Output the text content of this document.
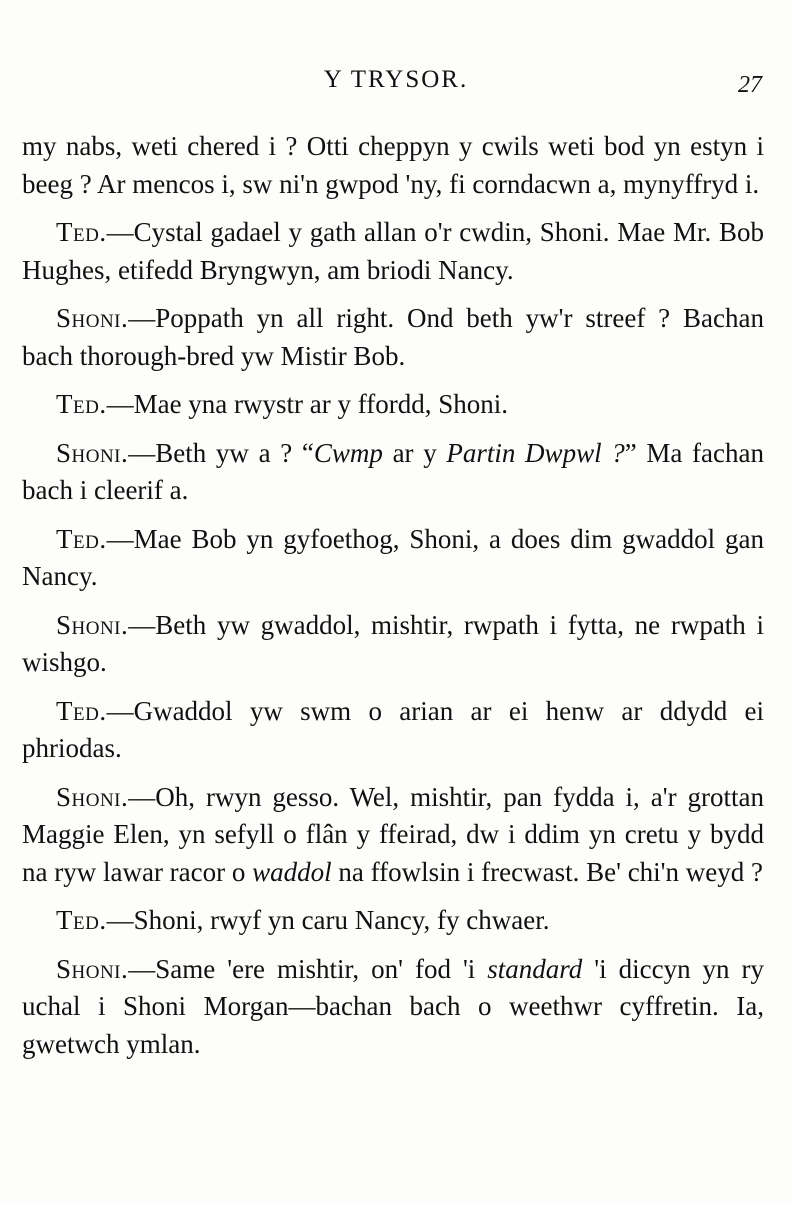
Y TRYSOR.	27

my nabs, weti chered i ? Otti cheppyn y cwils weti bod yn estyn i beeg ? Ar mencos i, sw ni'n gwpod 'ny, fi corndacwn a, mynyffryd i.

Ted.—Cystal gadael y gath allan o'r cwdin, Shoni. Mae Mr. Bob Hughes, etifedd Bryngwyn, am briodi Nancy.

Shoni.—Poppath yn all right. Ond beth yw'r streef ? Bachan bach thorough-bred yw Mistir Bob.

Ted.—Mae yna rwystr ar y ffordd, Shoni.

Shoni.—Beth yw a ? “Cwmp ar y Partin Dwpwl ?” Ma fachan bach i cleerif a.

Ted.—Mae Bob yn gyfoethog, Shoni, a does dim gwaddol gan Nancy.

Shoni.—Beth yw gwaddol, mishtir, rwpath i fytta, ne rwpath i wishgo.

Ted.—Gwaddol yw swm o arian ar ei henw ar ddydd ei phriodas.

Shoni.—Oh, rwyn gesso. Wel, mishtir, pan fydda i, a'r grottan Maggie Elen, yn sefyll o flân y ffeirad, dw i ddim yn cretu y bydd na ryw lawar racor o waddol na ffowlsin i frecwast. Be' chi'n weyd ?

Ted.—Shoni, rwyf yn caru Nancy, fy chwaer.

Shoni.—Same 'ere mishtir, on' fod 'i standard 'i diccyn yn ry uchal i Shoni Morgan—bachan bach o weethwr cyffretin. Ia, gwetwch ymlan.
